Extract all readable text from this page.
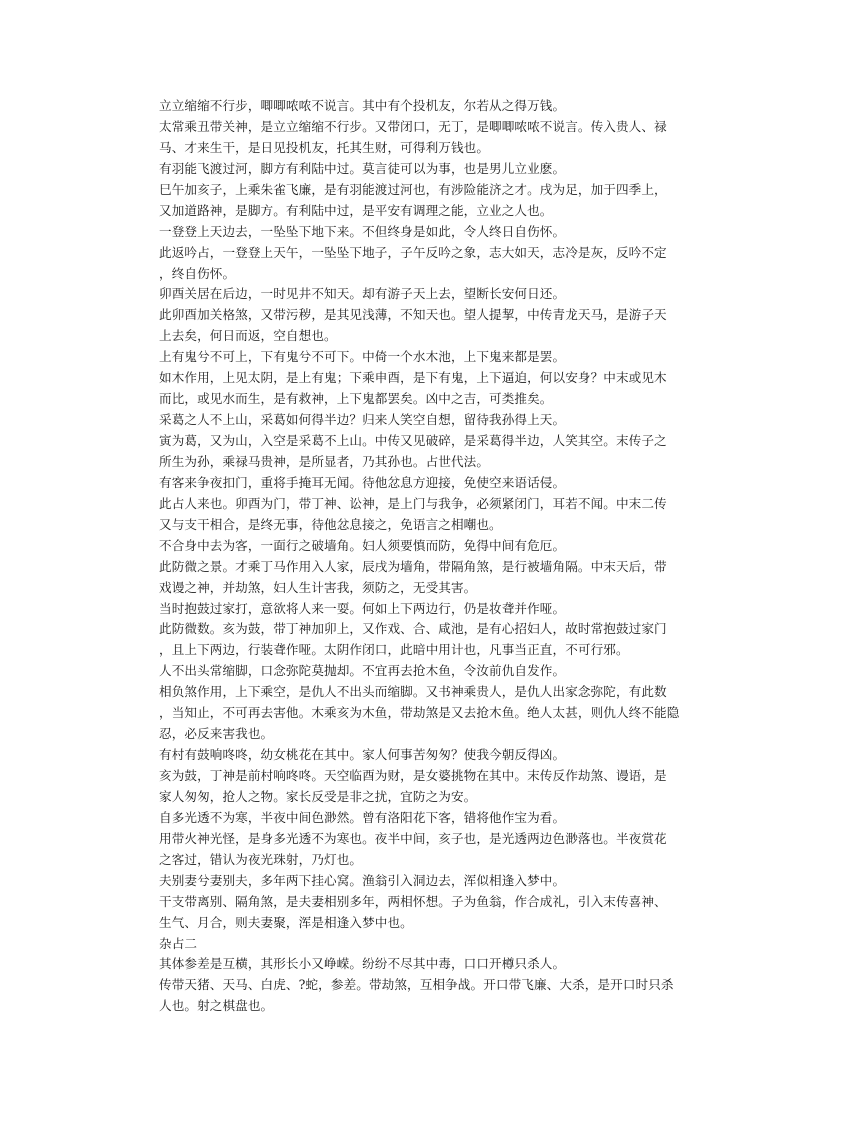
立立缩缩不行步，唧唧哝哝不说言。其中有个投机友，尔若从之得万钱。
太常乘丑带关神，是立立缩缩不行步。又带闭口，无丁，是唧唧哝哝不说言。传入贵人、禄
马、才来生干，是日见投机友，托其生财，可得利万钱也。
有羽能飞渡过河，脚方有利陆中过。莫言徒可以为事，也是男儿立业麽。
巳午加亥子，上乘朱雀飞廉，是有羽能渡过河也，有涉险能济之才。戌为足，加于四季上，
又加道路神，是脚方。有利陆中过，是平安有调理之能，立业之人也。
一登登上天边去，一坠坠下地下来。不但终身是如此，令人终日自伤怀。
此返吟占，一登登上天午，一坠坠下地子，子午反吟之象，志大如天，志冷是灰，反吟不定
，终自伤怀。
卯酉关居在后边，一时见井不知天。却有游子天上去，望断长安何日还。
此卯酉加关格煞，又带污秽，是其见浅薄，不知天也。望人提挈，中传青龙天马，是游子天
上去矣，何日而返，空自想也。
上有鬼兮不可上，下有鬼兮不可下。中倚一个水木池，上下鬼来都是罢。
如木作用，上见太阴，是上有鬼；下乘申酉，是下有鬼，上下逼迫，何以安身？中末或见木
而比，或见水而生，是有救神，上下鬼都罢矣。凶中之吉，可类推矣。
采葛之人不上山，采葛如何得半边？归来人笑空自想，留待我孙得上天。
寅为葛，又为山，入空是采葛不上山。中传又见破碎，是采葛得半边，人笑其空。末传子之
所生为孙，乘禄马贵神，是所显者，乃其孙也。占世代法。
有客来争夜扣门，重将手掩耳无闻。待他忿息方迎接，免使空来语话侵。
此占人来也。卯酉为门，带丁神、讼神，是上门与我争，必须紧闭门，耳若不闻。中末二传
又与支干相合，是终无事，待他忿息接之，免语言之相嘲也。
不合身中去为客，一面行之破墙角。妇人须要慎而防，免得中间有危厄。
此防微之景。才乘丁马作用入人家，辰戌为墙角，带隔角煞，是行被墙角隔。中末天后，带
戏谩之神，并劫煞，妇人生计害我，须防之，无受其害。
当时抱鼓过家打，意欲将人来一耍。何如上下两边行，仍是妆聋并作哑。
此防微数。亥为鼓，带丁神加卯上，又作戏、合、咸池，是有心招妇人，故时常抱鼓过家门
，且上下两边，行装聋作哑。太阴作闭口，此暗中用计也，凡事当正直，不可行邪。
人不出头常缩脚，口念弥陀莫抛却。不宜再去抢木鱼，令汝前仇自发作。
相负煞作用，上下乘空，是仇人不出头而缩脚。又书神乘贵人，是仇人出家念弥陀，有此数
，当知止，不可再去害他。木乘亥为木鱼，带劫煞是又去抢木鱼。绝人太甚，则仇人终不能隐
忍，必反来害我也。
有村有鼓响咚咚，幼女桃花在其中。家人何事苦匆匆？使我今朝反得凶。
亥为鼓，丁神是前村响咚咚。天空临酉为财，是女婆挑物在其中。末传反作劫煞、谩语，是
家人匆匆，抢人之物。家长反受是非之扰，宜防之为安。
自多光透不为寒，半夜中间色渺然。曾有洛阳花下客，错将他作宝为看。
用带火神光怪，是身多光透不为寒也。夜半中间，亥子也，是光透两边色渺落也。半夜赏花
之客过，错认为夜光珠射，乃灯也。
夫别妻兮妻别夫，多年两下挂心窝。渔翁引入洞边去，浑似相逢入梦中。
干支带离别、隔角煞，是夫妻相别多年，两相怀想。子为鱼翁，作合成礼，引入末传喜神、
生气、月合，则夫妻聚，浑是相逢入梦中也。
杂占二
其体参差是互横，其形长小又峥嵘。纷纷不尽其中毒，口口开樽只杀人。
传带天猪、天马、白虎、?蛇，参差。带劫煞，互相争战。开口带飞廉、大杀，是开口时只杀
人也。射之棋盘也。
